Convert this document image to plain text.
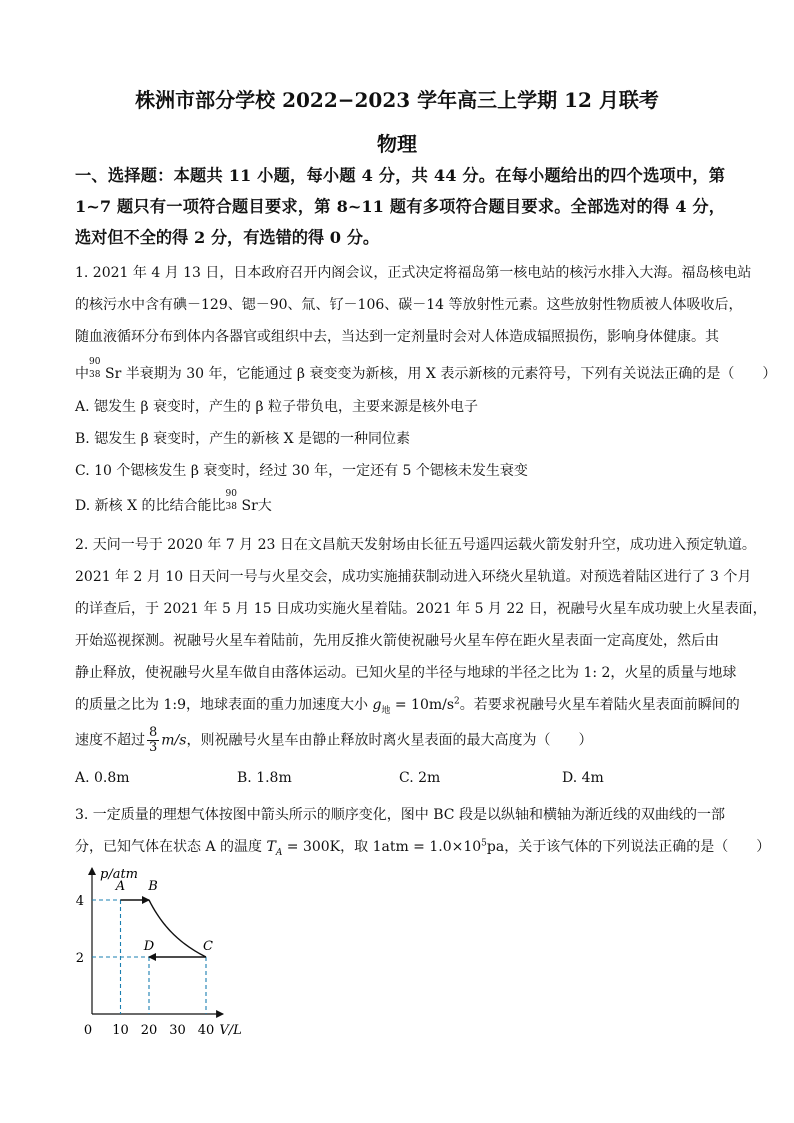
株洲市部分学校 2022−2023 学年高三上学期 12 月联考
物理
一、选择题：本题共 11 小题，每小题 4 分，共 44 分。在每小题给出的四个选项中，第 1~7 题只有一项符合题目要求，第 8~11 题有多项符合题目要求。全部选对的得 4 分，选对但不全的得 2 分，有选错的得 0 分。
1. 2021 年 4 月 13 日，日本政府召开内阁会议，正式决定将福岛第一核电站的核污水排入大海。福岛核电站
的核污水中含有碘－129、锶－90、氚、钌－106、碳－14 等放射性元素。这些放射性物质被人体吸收后，
随血液循环分布到体内各器官或组织中去，当达到一定剂量时会对人体造成辐照损伤，影响身体健康。其
中
90
38 Sr 半衰期为 30 年，它能通过 β 衰变变为新核，用 X 表示新核的元素符号，下列有关说法正确的是（　　）
A. 锶发生 β 衰变时，产生的 β 粒子带负电，主要来源是核外电子
B. 锶发生 β 衰变时，产生的新核 X 是锶的一种同位素
C. 10 个锶核发生 β 衰变时，经过 30 年，一定还有 5 个锶核未发生衰变
D. 新核 X 的比结合能比
90
38 Sr大
2. 天问一号于 2020 年 7 月 23 日在文昌航天发射场由长征五号遥四运载火箭发射升空，成功进入预定轨道。
2021 年 2 月 10 日天问一号与火星交会，成功实施捕获制动进入环绕火星轨道。对预选着陆区进行了 3 个月
的详查后，于 2021 年 5 月 15 日成功实施火星着陆。2021 年 5 月 22 日，祝融号火星车成功驶上火星表面，
开始巡视探测。祝融号火星车着陆前，先用反推火箭使祝融号火星车停在距火星表面一定高度处，然后由
静止释放，使祝融号火星车做自由落体运动。已知火星的半径与地球的半径之比为 1: 2，火星的质量与地球
的质量之比为 1:9，地球表面的重力加速度大小 $g_地 = 10m/s^2$。若要求祝融号火星车着陆火星表面前瞬间的
速度不超过 $\frac{8}{3} m/s$，则祝融号火星车由静止释放时离火星表面的最大高度为（　　）
A. 0.8m	B. 1.8m	C. 2m	D. 4m
3. 一定质量的理想气体按图中箭头所示的顺序变化，图中 BC 段是以纵轴和横轴为渐近线的双曲线的一部
分，已知气体在状态 A 的温度 $T_A = 300K$，取 $1atm = 1.0\times 10^5pa$，关于该气体的下列说法正确的是（　　）
p/atm
V/L
0 10 20 30 40
4
2
A B
C
D
